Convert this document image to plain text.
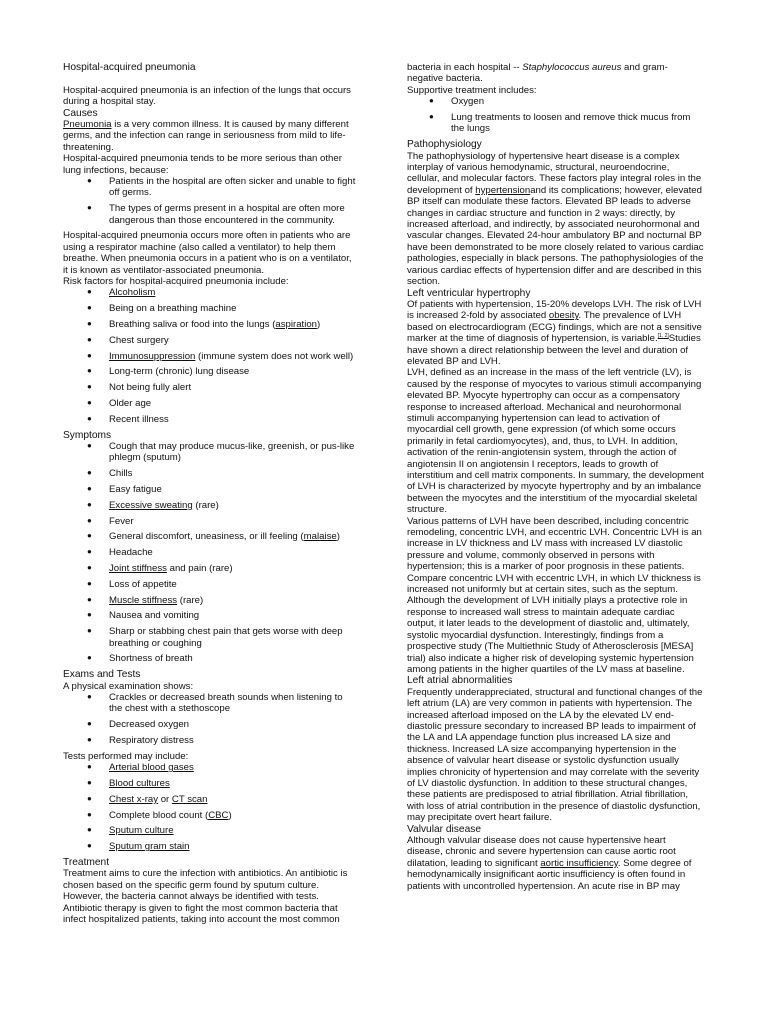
Hospital-acquired pneumonia

Hospital-acquired pneumonia is an infection of the lungs that occurs during a hospital stay.

Causes

Pneumonia is a very common illness. It is caused by many different germs, and the infection can range in seriousness from mild to life-threatening.

Hospital-acquired pneumonia tends to be more serious than other lung infections, because:

● Patients in the hospital are often sicker and unable to fight off germs.
● The types of germs present in a hospital are often more dangerous than those encountered in the community.

Hospital-acquired pneumonia occurs more often in patients who are using a respirator machine (also called a ventilator) to help them breathe. When pneumonia occurs in a patient who is on a ventilator, it is known as ventilator-associated pneumonia.

Risk factors for hospital-acquired pneumonia include:

● Alcoholism
● Being on a breathing machine
● Breathing saliva or food into the lungs (aspiration)
● Chest surgery
● Immunosuppression (immune system does not work well)
● Long-term (chronic) lung disease
● Not being fully alert
● Older age
● Recent illness

Symptoms

● Cough that may produce mucus-like, greenish, or pus-like phlegm (sputum)
● Chills
● Easy fatigue
● Excessive sweating (rare)
● Fever
● General discomfort, uneasiness, or ill feeling (malaise)
● Headache
● Joint stiffness and pain (rare)
● Loss of appetite
● Muscle stiffness (rare)
● Nausea and vomiting
● Sharp or stabbing chest pain that gets worse with deep breathing or coughing
● Shortness of breath

Exams and Tests

A physical examination shows:

● Crackles or decreased breath sounds when listening to the chest with a stethoscope
● Decreased oxygen
● Respiratory distress

Tests performed may include:

● Arterial blood gases
● Blood cultures
● Chest x-ray or CT scan
● Complete blood count (CBC)
● Sputum culture
● Sputum gram stain

Treatment

Treatment aims to cure the infection with antibiotics. An antibiotic is chosen based on the specific germ found by sputum culture. However, the bacteria cannot always be identified with tests. Antibiotic therapy is given to fight the most common bacteria that infect hospitalized patients, taking into account the most common

bacteria in each hospital -- Staphylococcus aureus and gram-negative bacteria.

Supportive treatment includes:

● Oxygen
● Lung treatments to loosen and remove thick mucus from the lungs

Pathophysiology

The pathophysiology of hypertensive heart disease is a complex interplay of various hemodynamic, structural, neuroendocrine, cellular, and molecular factors. These factors play integral roles in the development of hypertensionand its complications; however, elevated BP itself can modulate these factors. Elevated BP leads to adverse changes in cardiac structure and function in 2 ways: directly, by increased afterload, and indirectly, by associated neurohormonal and vascular changes. Elevated 24-hour ambulatory BP and nocturnal BP have been demonstrated to be more closely related to various cardiac pathologies, especially in black persons. The pathophysiologies of the various cardiac effects of hypertension differ and are described in this section.

Left ventricular hypertrophy

Of patients with hypertension, 15-20% develops LVH. The risk of LVH is increased 2-fold by associated obesity. The prevalence of LVH based on electrocardiogram (ECG) findings, which are not a sensitive marker at the time of diagnosis of hypertension, is variable.[1, 2]Studies have shown a direct relationship between the level and duration of elevated BP and LVH.

LVH, defined as an increase in the mass of the left ventricle (LV), is caused by the response of myocytes to various stimuli accompanying elevated BP. Myocyte hypertrophy can occur as a compensatory response to increased afterload. Mechanical and neurohormonal stimuli accompanying hypertension can lead to activation of myocardial cell growth, gene expression (of which some occurs primarily in fetal cardiomyocytes), and, thus, to LVH. In addition, activation of the renin-angiotensin system, through the action of angiotensin II on angiotensin I receptors, leads to growth of interstitium and cell matrix components. In summary, the development of LVH is characterized by myocyte hypertrophy and by an imbalance between the myocytes and the interstitium of the myocardial skeletal structure.

Various patterns of LVH have been described, including concentric remodeling, concentric LVH, and eccentric LVH. Concentric LVH is an increase in LV thickness and LV mass with increased LV diastolic pressure and volume, commonly observed in persons with hypertension; this is a marker of poor prognosis in these patients. Compare concentric LVH with eccentric LVH, in which LV thickness is increased not uniformly but at certain sites, such as the septum. Although the development of LVH initially plays a protective role in response to increased wall stress to maintain adequate cardiac output, it later leads to the development of diastolic and, ultimately, systolic myocardial dysfunction. Interestingly, findings from a prospective study (The Multiethnic Study of Atherosclerosis [MESA] trial) also indicate a higher risk of developing systemic hypertension among patients in the higher quartiles of the LV mass at baseline.

Left atrial abnormalities

Frequently underappreciated, structural and functional changes of the left atrium (LA) are very common in patients with hypertension. The increased afterload imposed on the LA by the elevated LV end-diastolic pressure secondary to increased BP leads to impairment of the LA and LA appendage function plus increased LA size and thickness. Increased LA size accompanying hypertension in the absence of valvular heart disease or systolic dysfunction usually implies chronicity of hypertension and may correlate with the severity of LV diastolic dysfunction. In addition to these structural changes, these patients are predisposed to atrial fibrillation. Atrial fibrillation, with loss of atrial contribution in the presence of diastolic dysfunction, may precipitate overt heart failure.

Valvular disease

Although valvular disease does not cause hypertensive heart disease, chronic and severe hypertension can cause aortic root dilatation, leading to significant aortic insufficiency. Some degree of hemodynamically insignificant aortic insufficiency is often found in patients with uncontrolled hypertension. An acute rise in BP may
